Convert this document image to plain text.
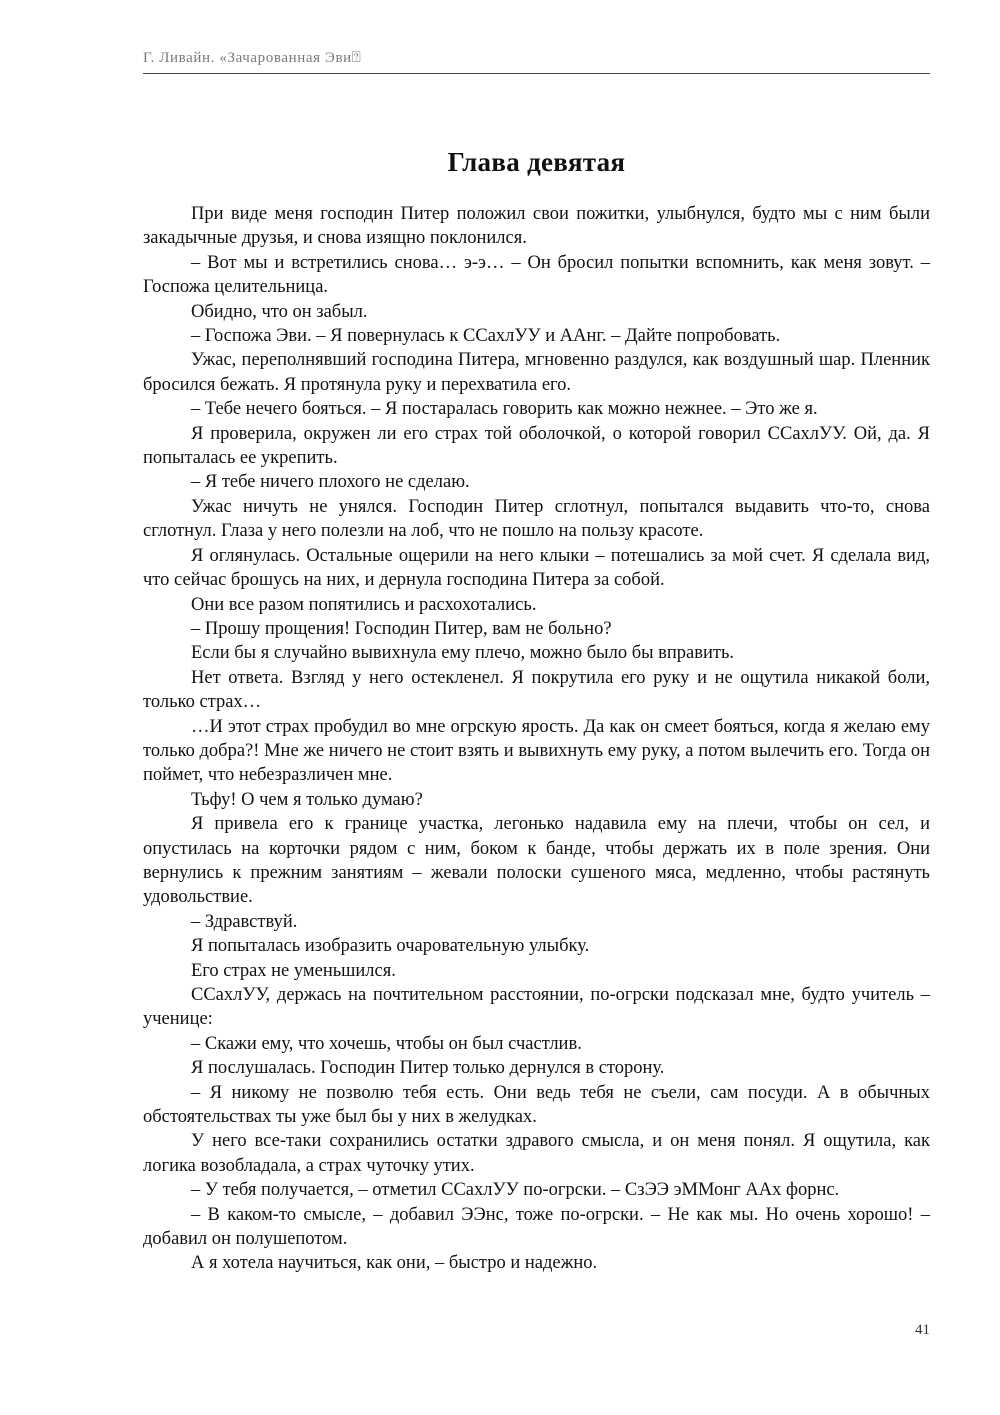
Г. Ливайн. «Зачарованная Эви⍰
Глава девятая

При виде меня господин Питер положил свои пожитки, улыбнулся, будто мы с ним были закадычные друзья, и снова изящно поклонился.

– Вот мы и встретились снова… э-э… – Он бросил попытки вспомнить, как меня зовут. – Госпожа целительница.

Обидно, что он забыл.

– Госпожа Эви. – Я повернулась к ССахлУУ и ААнг. – Дайте попробовать.

Ужас, переполнявший господина Питера, мгновенно раздулся, как воздушный шар. Пленник бросился бежать. Я протянула руку и перехватила его.

– Тебе нечего бояться. – Я постаралась говорить как можно нежнее. – Это же я.

Я проверила, окружен ли его страх той оболочкой, о которой говорил ССахлУУ. Ой, да. Я попыталась ее укрепить.

– Я тебе ничего плохого не сделаю.

Ужас ничуть не унялся. Господин Питер сглотнул, попытался выдавить что-то, снова сглотнул. Глаза у него полезли на лоб, что не пошло на пользу красоте.

Я оглянулась. Остальные ощерили на него клыки – потешались за мой счет. Я сделала вид, что сейчас брошусь на них, и дернула господина Питера за собой.

Они все разом попятились и расхохотались.

– Прошу прощения! Господин Питер, вам не больно?

Если бы я случайно вывихнула ему плечо, можно было бы вправить.

Нет ответа. Взгляд у него остекленел. Я покрутила его руку и не ощутила никакой боли, только страх…

…И этот страх пробудил во мне огрскую ярость. Да как он смеет бояться, когда я желаю ему только добра?! Мне же ничего не стоит взять и вывихнуть ему руку, а потом вылечить его. Тогда он поймет, что небезразличен мне.

Тьфу! О чем я только думаю?

Я привела его к границе участка, легонько надавила ему на плечи, чтобы он сел, и опустилась на корточки рядом с ним, боком к банде, чтобы держать их в поле зрения. Они вернулись к прежним занятиям – жевали полоски сушеного мяса, медленно, чтобы растянуть удовольствие.

– Здравствуй.

Я попыталась изобразить очаровательную улыбку.

Его страх не уменьшился.

ССахлУУ, держась на почтительном расстоянии, по-огрски подсказал мне, будто учитель – ученице:

– Скажи ему, что хочешь, чтобы он был счастлив.

Я послушалась. Господин Питер только дернулся в сторону.

– Я никому не позволю тебя есть. Они ведь тебя не съели, сам посуди. А в обычных обстоятельствах ты уже был бы у них в желудках.

У него все-таки сохранились остатки здравого смысла, и он меня понял. Я ощутила, как логика возобладала, а страх чуточку утих.

– У тебя получается, – отметил ССахлУУ по-огрски. – СзЭЭ эММонг ААх форнс.

– В каком-то смысле, – добавил ЭЭнс, тоже по-огрски. – Не как мы. Но очень хорошо! – добавил он полушепотом.

А я хотела научиться, как они, – быстро и надежно.

41
